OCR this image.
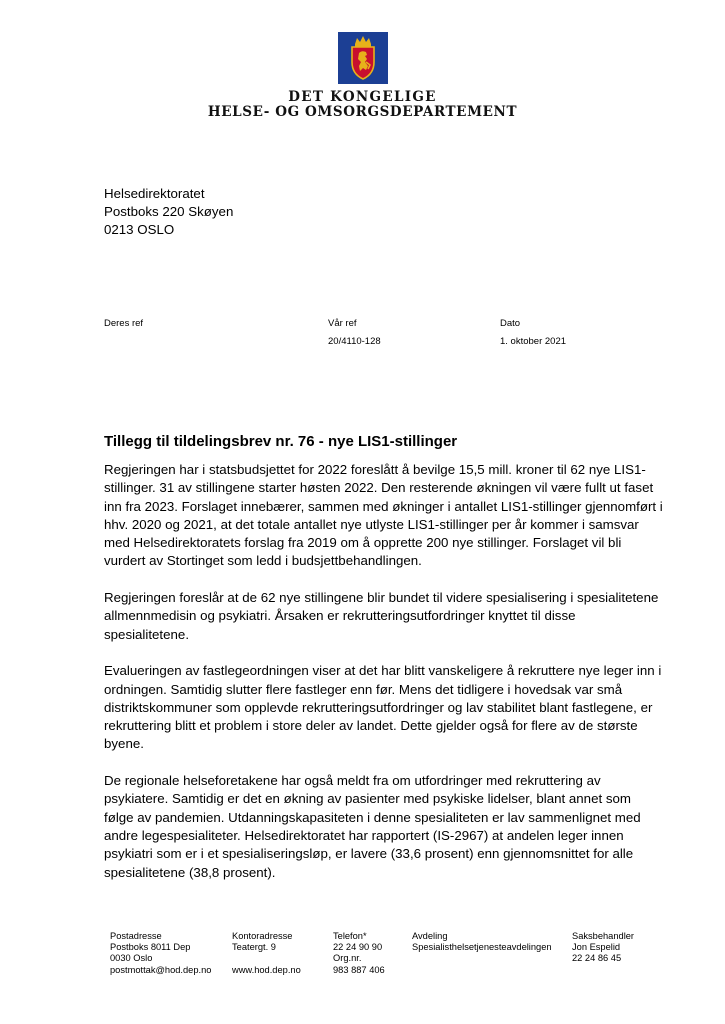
DET KONGELIGE
HELSE- OG OMSORGSDEPARTEMENT
Helsedirektoratet
Postboks 220 Skøyen
0213 OSLO
Deres ref	Vår ref
20/4110-128
Dato
1. oktober 2021
Tillegg til tildelingsbrev nr. 76 - nye LIS1-stillinger

Regjeringen har i statsbudsjettet for 2022 foreslått å bevilge 15,5 mill. kroner til 62 nye LIS1-stillinger. 31 av stillingene starter høsten 2022. Den resterende økningen vil være fullt ut faset inn fra 2023. Forslaget innebærer, sammen med økninger i antallet LIS1-stillinger gjennomført i hhv. 2020 og 2021, at det totale antallet nye utlyste LIS1-stillinger per år kommer i samsvar med Helsedirektoratets forslag fra 2019 om å opprette 200 nye stillinger. Forslaget vil bli vurdert av Stortinget som ledd i budsjettbehandlingen.

Regjeringen foreslår at de 62 nye stillingene blir bundet til videre spesialisering i spesialitetene allmennmedisin og psykiatri. Årsaken er rekrutteringsutfordringer knyttet til disse spesialitetene.

Evalueringen av fastlegeordningen viser at det har blitt vanskeligere å rekruttere nye leger inn i ordningen. Samtidig slutter flere fastleger enn før. Mens det tidligere i hovedsak var små distriktskommuner som opplevde rekrutteringsutfordringer og lav stabilitet blant fastlegene, er rekruttering blitt et problem i store deler av landet. Dette gjelder også for flere av de største byene.

De regionale helseforetakene har også meldt fra om utfordringer med rekruttering av psykiatere. Samtidig er det en økning av pasienter med psykiske lidelser, blant annet som følge av pandemien. Utdanningskapasiteten i denne spesialiteten er lav sammenlignet med andre legespesialiteter. Helsedirektoratet har rapportert (IS-2967) at andelen leger innen psykiatri som er i et spesialiseringsløp, er lavere (33,6 prosent) enn gjennomsnittet for alle spesialitetene (38,8 prosent).

Postadresse
Postboks 8011 Dep
0030 Oslo
postmottak@hod.dep.no
Kontoradresse
Teatergt. 9

www.hod.dep.no
Telefon*
22 24 90 90
Org.nr.
983 887 406
Avdeling
Spesialisthelsetjenesteavdelingen
Saksbehandler
Jon Espelid
22 24 86 45
